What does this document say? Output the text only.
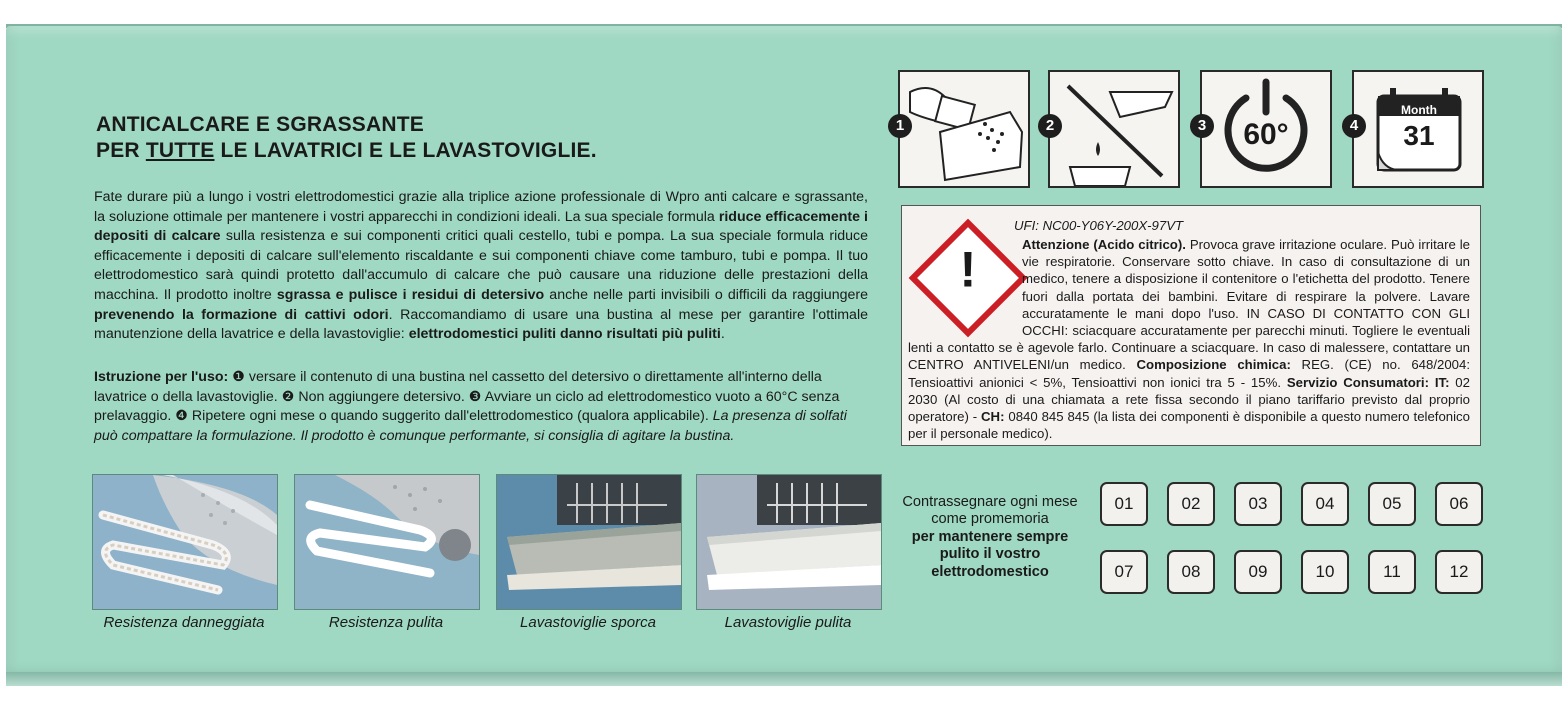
ANTICALCARE E SGRASSANTE
PER TUTTE LE LAVATRICI E LE LAVASTOVIGLIE.
Fate durare più a lungo i vostri elettrodomestici grazie alla triplice azione professionale di Wpro anti calcare e sgrassante, la soluzione ottimale per mantenere i vostri apparecchi in condizioni ideali. La sua speciale formula riduce efficacemente i depositi di calcare sulla resistenza e sui componenti critici quali cestello, tubi e pompa. La sua speciale formula riduce efficacemente i depositi di calcare sull'elemento riscaldante e sui componenti chiave come tamburo, tubi e pompa. Il tuo elettrodomestico sarà quindi protetto dall'accumulo di calcare che può causare una riduzione delle prestazioni della macchina. Il prodotto inoltre sgrassa e pulisce i residui di detersivo anche nelle parti invisibili o difficili da raggiungere prevenendo la formazione di cattivi odori. Raccomandiamo di usare una bustina al mese per garantire l'ottimale manutenzione della lavatrice e della lavastoviglie: elettrodomestici puliti danno risultati più puliti.
Istruzione per l'uso: ❶ versare il contenuto di una bustina nel cassetto del detersivo o direttamente all'interno della lavatrice o della lavastoviglie. ❷ Non aggiungere detersivo. ❸ Avviare un ciclo ad elettrodomestico vuoto a 60°C senza prelavaggio. ❹ Ripetere ogni mese o quando suggerito dall'elettrodomestico (qualora applicabile). La presenza di solfati può compattare la formulazione. Il prodotto è comunque performante, si consiglia di agitare la bustina.
Resistenza danneggiata	Resistenza pulita	Lavastoviglie sporca	Lavastoviglie pulita
1	2	60°
3
Month
31
4
!
UFI: NC00-Y06Y-200X-97VT
Attenzione (Acido citrico). Provoca grave irritazione oculare. Può irritare le vie respiratorie. Conservare sotto chiave. In caso di consultazione di un medico, tenere a disposizione il contenitore o l'etichetta del prodotto. Tenere fuori dalla portata dei bambini. Evitare di respirare la polvere. Lavare accuratamente le mani dopo l'uso. IN CASO DI CONTATTO CON GLI OCCHI: sciacquare accuratamente per parecchi minuti. Togliere le eventuali lenti a contatto se è agevole farlo. Continuare a sciacquare. In caso di malessere, contattare un CENTRO ANTIVELENI/un medico. Composizione chimica: REG. (CE) no. 648/2004: Tensioattivi anionici < 5%, Tensioattivi non ionici tra 5 - 15%. Servizio Consumatori: IT: 02 2030 (Al costo di una chiamata a rete fissa secondo il piano tariffario previsto dal proprio operatore) - CH: 0840 845 845 (la lista dei componenti è disponibile a questo numero telefonico per il personale medico).
Contrassegnare ogni mese
come promemoria
per mantenere sempre
pulito il vostro
elettrodomestico
01	02	03	04	05	06
07	08	09	10	11	12
